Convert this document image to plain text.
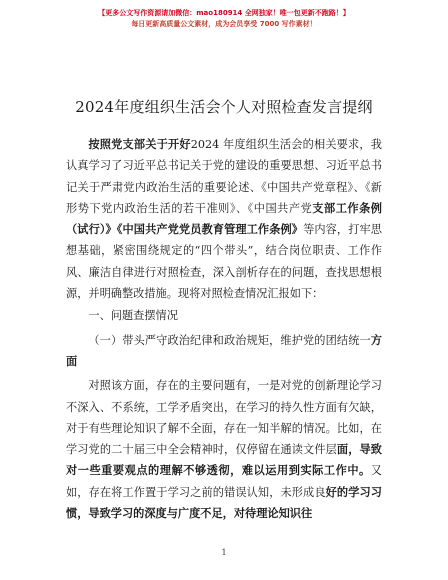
【更多公文写作资源请加微信：mao180914 全网独家！唯一包更新不跑路！】
每日更新高质量公文素材，成为会员享受 7000 写作素材！
2024年度组织生活会个人对照检查发言提纲

按照党支部关于开好2024 年度组织生活会的相关要求，我认真学习了习近平总书记关于党的建设的重要思想、习近平总书记关于严肃党内政治生活的重要论述、《中国共产党章程》、《新形势下党内政治生活的若干准则》、《中国共产党支部工作条例（试行）》《中国共产党党员教育管理工作条例》等内容，打牢思想基础，紧密围绕规定的“四个带头”，结合岗位职责、工作作风、廉洁自律进行对照检查，深入剖析存在的问题，查找思想根源，并明确整改措施。现将对照检查情况汇报如下：

一、问题查摆情况

（一）带头严守政治纪律和政治规矩，维护党的团结统一方面

对照该方面，存在的主要问题有，一是对党的创新理论学习不深入、不系统，工学矛盾突出，在学习的持久性方面有欠缺，对于有些理论知识了解不全面，存在一知半解的情况。比如，在学习党的二十届三中全会精神时，仅停留在通读文件层面，导致对一些重要观点的理解不够透彻，难以运用到实际工作中。又如，存在将工作置于学习之前的错误认知，未形成良好的学习习惯，导致学习的深度与广度不足，对待理论知识往

1
